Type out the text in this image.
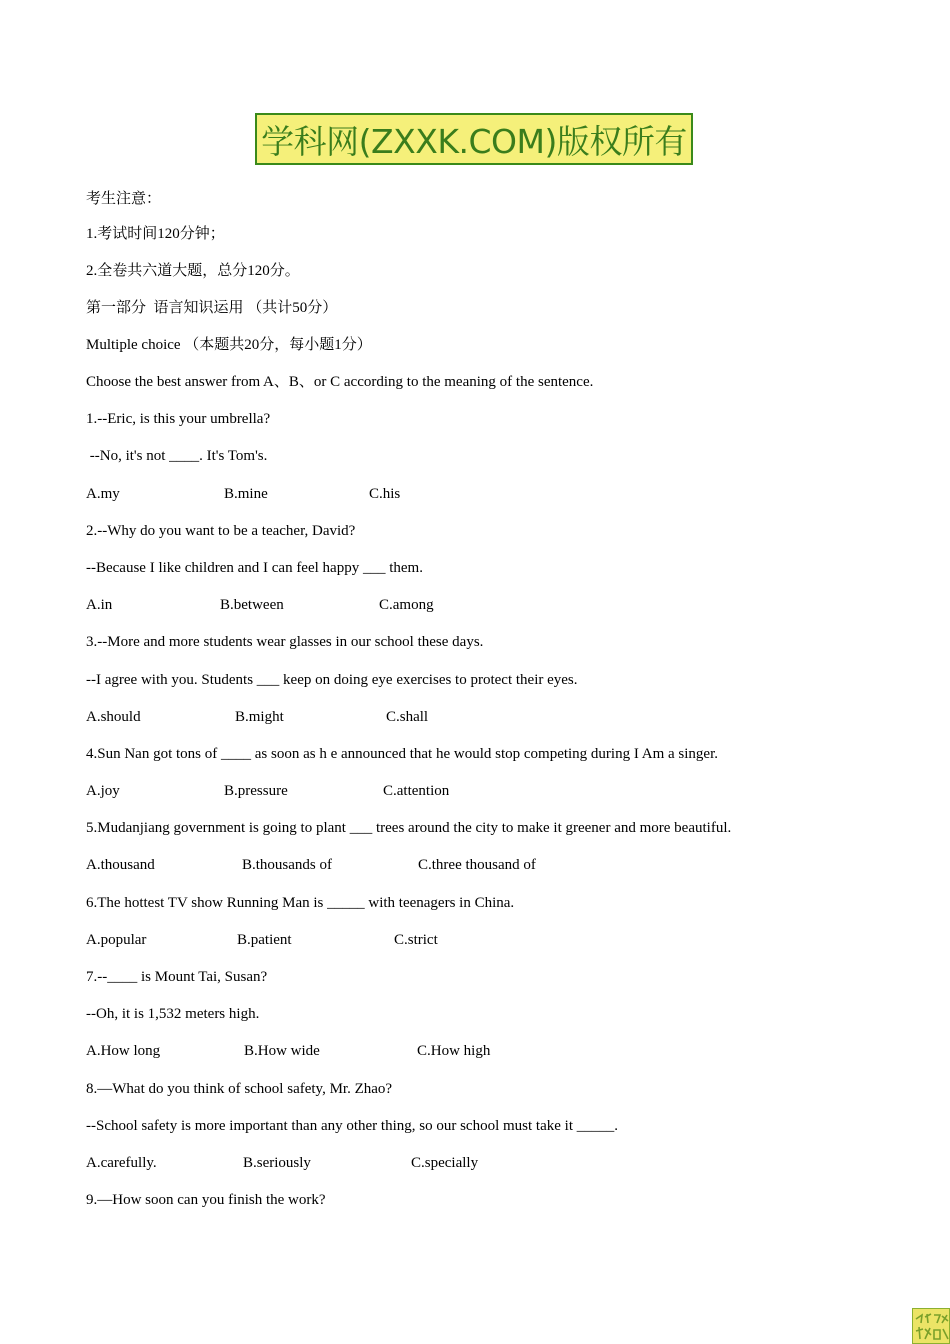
学科网(ZXXK.COM)版权所有
考生注意：
1.考试时间120分钟；
2.全卷共六道大题，总分120分。
第一部分  语言知识运用 （共计50分）
Multiple choice （本题共20分，每小题1分）
Choose the best answer from A、B、or C according to the meaning of the sentence.
1.--Eric, is this your umbrella?
--No, it's not ____. It's Tom's.
A.my	B.mine	C.his
2.--Why do you want to be a teacher, David?
--Because I like children and I can feel happy ___ them.
A.in	B.between	C.among
3.--More and more students wear glasses in our school these days.
--I agree with you. Students ___ keep on doing eye exercises to protect their eyes.
A.should	B.might	C.shall
4.Sun Nan got tons of ____ as soon as h e announced that he would stop competing during I Am a singer.
A.joy	B.pressure	C.attention
5.Mudanjiang government is going to plant ___ trees around the city to make it greener and more beautiful.
A.thousand	B.thousands of	C.three thousand of
6.The hottest TV show Running Man is _____ with teenagers in China.
A.popular	B.patient	C.strict
7.--____ is Mount Tai, Susan?
--Oh, it is 1,532 meters high.
A.How long	B.How wide	C.How high
8.—What do you think of school safety, Mr. Zhao?
--School safety is more important than any other thing, so our school must take it _____.
A.carefully.	B.seriously	C.specially
9.—How soon can you finish the work?
